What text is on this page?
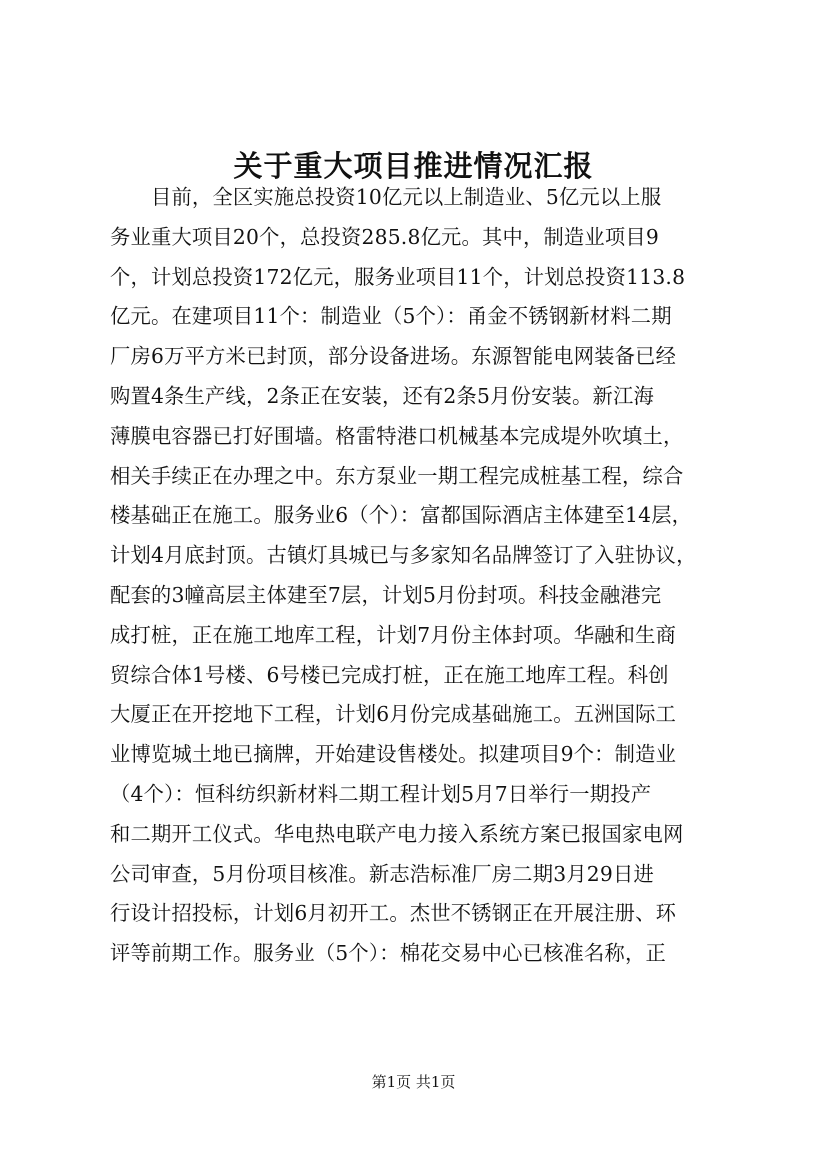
关于重大项目推进情况汇报
　　目前，全区实施总投资10亿元以上制造业、5亿元以上服
务业重大项目20个，总投资285.8亿元。其中，制造业项目9
个，计划总投资172亿元，服务业项目11个，计划总投资113.8
亿元。在建项目11个：制造业（5个）：甬金不锈钢新材料二期
厂房6万平方米已封顶，部分设备进场。东源智能电网装备已经
购置4条生产线，2条正在安装，还有2条5月份安装。新江海
薄膜电容器已打好围墙。格雷特港口机械基本完成堤外吹填土，
相关手续正在办理之中。东方泵业一期工程完成桩基工程，综合
楼基础正在施工。服务业6（个）：富都国际酒店主体建至14层，
计划4月底封顶。古镇灯具城已与多家知名品牌签订了入驻协议，
配套的3幢高层主体建至7层，计划5月份封项。科技金融港完
成打桩，正在施工地库工程，计划7月份主体封项。华融和生商
贸综合体1号楼、6号楼已完成打桩，正在施工地库工程。科创
大厦正在开挖地下工程，计划6月份完成基础施工。五洲国际工
业博览城土地已摘牌，开始建设售楼处。拟建项目9个：制造业
（4个）：恒科纺织新材料二期工程计划5月7日举行一期投产
和二期开工仪式。华电热电联产电力接入系统方案已报国家电网
公司审查，5月份项目核准。新志浩标准厂房二期3月29日进
行设计招投标，计划6月初开工。杰世不锈钢正在开展注册、环
评等前期工作。服务业（5个）：棉花交易中心已核准名称，正
第1页 共1页
